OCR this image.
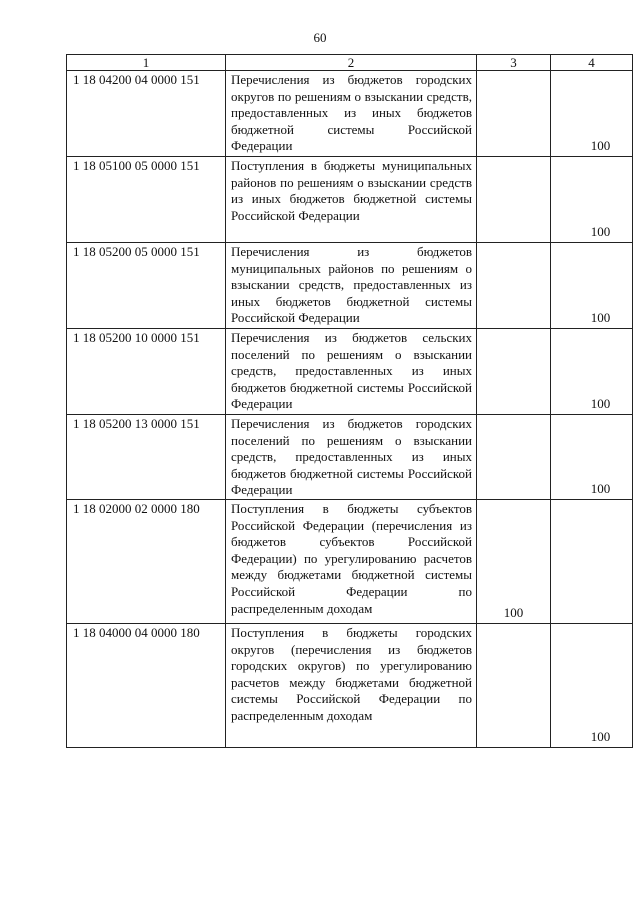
60
1	2	3	4

1 18 04200 04 0000 151	Перечисления из бюджетов городских округов по решениям о взыскании средств, предоставленных из иных бюджетов бюджетной системы Российской Федерации		100

1 18 05100 05 0000 151	Поступления в бюджеты муниципальных районов по решениям о взыскании средств из иных бюджетов бюджетной системы Российской Федерации		100

1 18 05200 05 0000 151	Перечисления из бюджетов муниципальных районов по решениям о взыскании средств, предоставленных из иных бюджетов бюджетной системы Российской Федерации		100

1 18 05200 10 0000 151	Перечисления из бюджетов сельских поселений по решениям о взыскании средств, предоставленных из иных бюджетов бюджетной системы Российской Федерации		100

1 18 05200 13 0000 151	Перечисления из бюджетов городских поселений по решениям о взыскании средств, предоставленных из иных бюджетов бюджетной системы Российской Федерации		100

1 18 02000 02 0000 180	Поступления в бюджеты субъектов Российской Федерации (перечисления из бюджетов субъектов Российской Федерации) по урегулированию расчетов между бюджетами бюджетной системы Российской Федерации по распределенным доходам	100	

1 18 04000 04 0000 180	Поступления в бюджеты городских округов (перечисления из бюджетов городских округов) по урегулированию расчетов между бюджетами бюджетной системы Российской Федерации по распределенным доходам		100
